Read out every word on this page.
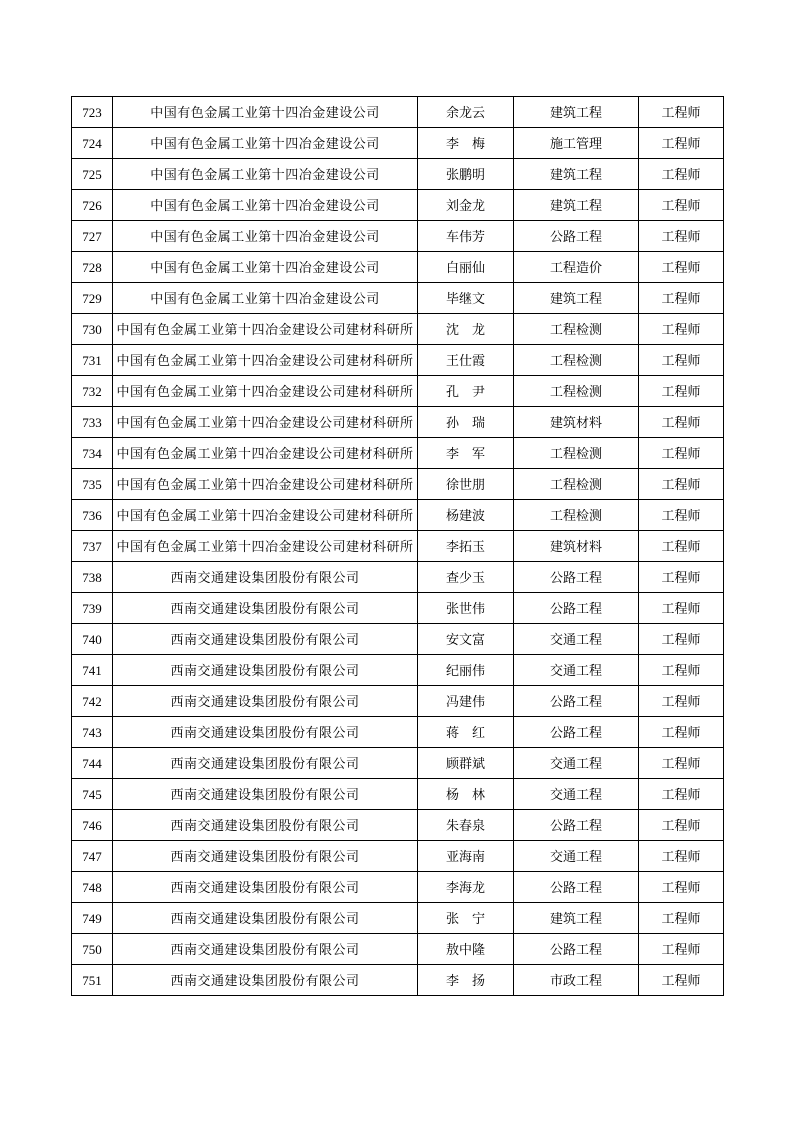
723	中国有色金属工业第十四冶金建设公司	余龙云	建筑工程	工程师
724	中国有色金属工业第十四冶金建设公司	李　梅	施工管理	工程师
725	中国有色金属工业第十四冶金建设公司	张鹏明	建筑工程	工程师
726	中国有色金属工业第十四冶金建设公司	刘金龙	建筑工程	工程师
727	中国有色金属工业第十四冶金建设公司	车伟芳	公路工程	工程师
728	中国有色金属工业第十四冶金建设公司	白丽仙	工程造价	工程师
729	中国有色金属工业第十四冶金建设公司	毕继文	建筑工程	工程师
730	中国有色金属工业第十四冶金建设公司建材科研所	沈　龙	工程检测	工程师
731	中国有色金属工业第十四冶金建设公司建材科研所	王仕霞	工程检测	工程师
732	中国有色金属工业第十四冶金建设公司建材科研所	孔　尹	工程检测	工程师
733	中国有色金属工业第十四冶金建设公司建材科研所	孙　瑞	建筑材料	工程师
734	中国有色金属工业第十四冶金建设公司建材科研所	李　军	工程检测	工程师
735	中国有色金属工业第十四冶金建设公司建材科研所	徐世朋	工程检测	工程师
736	中国有色金属工业第十四冶金建设公司建材科研所	杨建波	工程检测	工程师
737	中国有色金属工业第十四冶金建设公司建材科研所	李拓玉	建筑材料	工程师
738	西南交通建设集团股份有限公司	查少玉	公路工程	工程师
739	西南交通建设集团股份有限公司	张世伟	公路工程	工程师
740	西南交通建设集团股份有限公司	安文富	交通工程	工程师
741	西南交通建设集团股份有限公司	纪丽伟	交通工程	工程师
742	西南交通建设集团股份有限公司	冯建伟	公路工程	工程师
743	西南交通建设集团股份有限公司	蒋　红	公路工程	工程师
744	西南交通建设集团股份有限公司	顾群斌	交通工程	工程师
745	西南交通建设集团股份有限公司	杨　林	交通工程	工程师
746	西南交通建设集团股份有限公司	朱春泉	公路工程	工程师
747	西南交通建设集团股份有限公司	亚海南	交通工程	工程师
748	西南交通建设集团股份有限公司	李海龙	公路工程	工程师
749	西南交通建设集团股份有限公司	张　宁	建筑工程	工程师
750	西南交通建设集团股份有限公司	敖中隆	公路工程	工程师
751	西南交通建设集团股份有限公司	李　扬	市政工程	工程师
